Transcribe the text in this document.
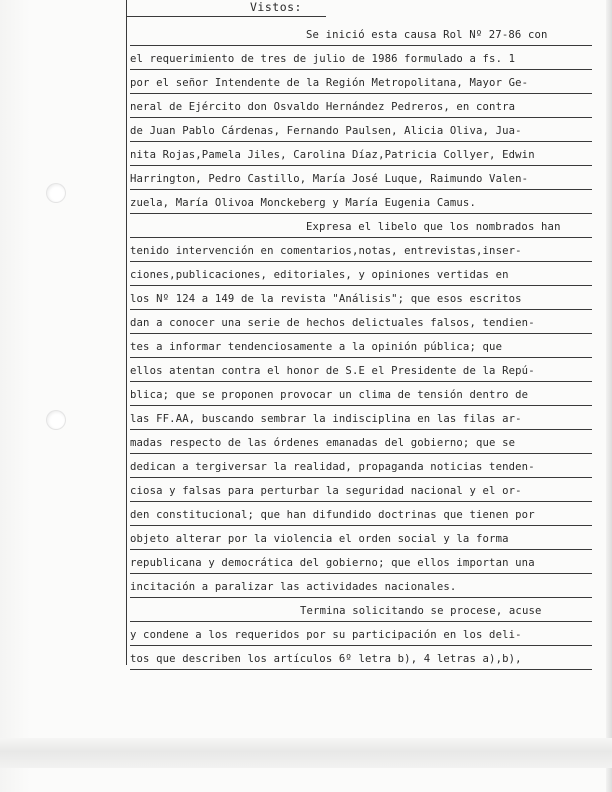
Vistos:
Se inició esta causa Rol Nº 27-86 con
el requerimiento de tres de julio de 1986 formulado a fs. 1
por el señor Intendente de la Región Metropolitana, Mayor Ge-
neral de Ejército don Osvaldo Hernández Pedreros, en contra
de Juan Pablo Cárdenas, Fernando Paulsen, Alicia Oliva, Jua-
nita Rojas,Pamela Jiles, Carolina Díaz,Patricia Collyer, Edwin
Harrington, Pedro Castillo, María José Luque, Raimundo Valen-
zuela, María Olivoa Monckeberg y María Eugenia Camus.
Expresa el libelo que los nombrados han
tenido intervención en comentarios,notas, entrevistas,inser-
ciones,publicaciones, editoriales, y opiniones vertidas en
los Nº 124 a 149 de la revista "Análisis"; que esos escritos
dan a conocer una serie de hechos delictuales falsos, tendien-
tes a informar tendenciosamente a la opinión pública; que
ellos atentan contra el honor de S.E el Presidente de la Repú-
blica; que se proponen provocar un clima de tensión dentro de
las FF.AA, buscando sembrar la indisciplina en las filas ar-
madas respecto de las órdenes emanadas del gobierno; que se
dedican a tergiversar la realidad, propaganda noticias tenden-
ciosa y falsas para perturbar la seguridad nacional y el or-
den constitucional; que han difundido doctrinas que tienen por
objeto alterar por la violencia el orden social y la forma
republicana y democrática del gobierno; que ellos importan una
incitación a paralizar las actividades nacionales.
Termina solicitando se procese, acuse
y condene a los requeridos por su participación en los deli-
tos que describen los artículos 6º letra b), 4 letras a),b),
